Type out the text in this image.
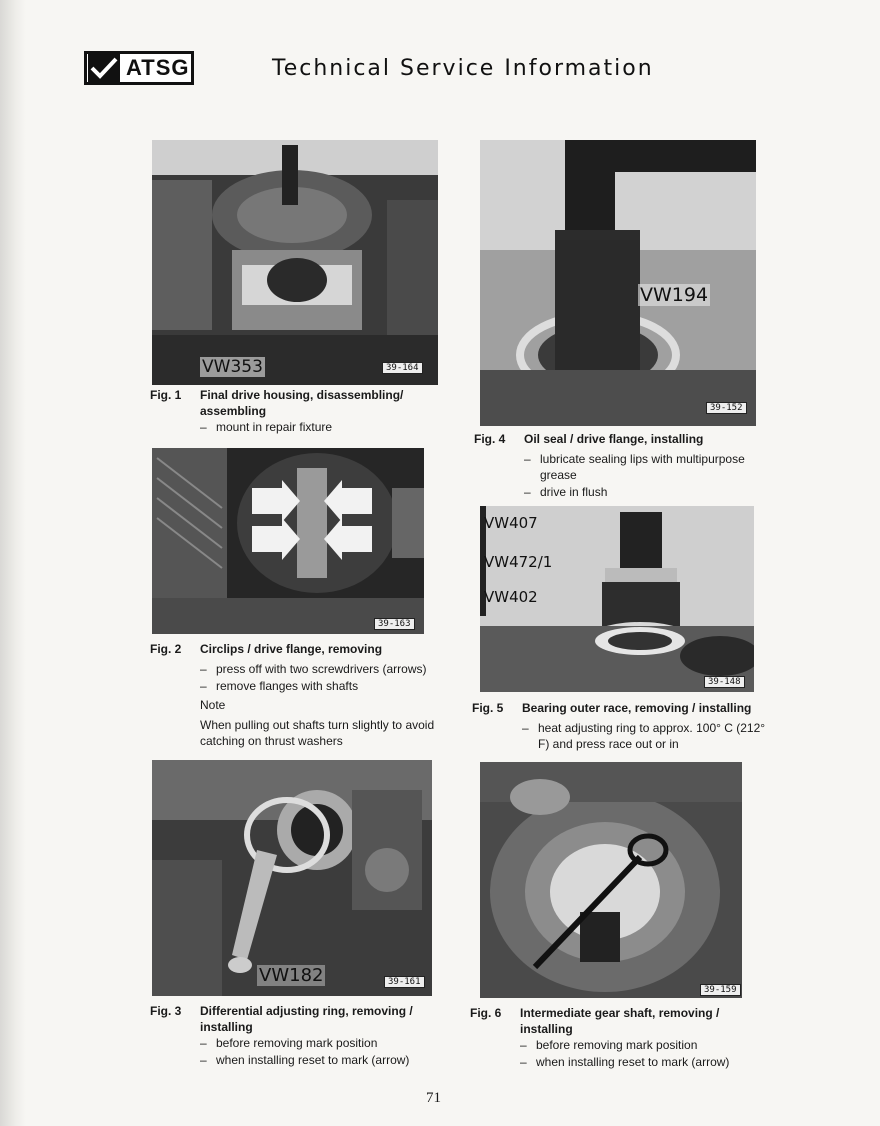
ATSG	Technical Service Information
VW353	39-164
Fig. 1 Final drive housing, disassembling/ assembling
– mount in repair fixture
39-163
Fig. 2 Circlips / drive flange, removing
– press off with two screwdrivers (arrows)
– remove flanges with shafts
Note
When pulling out shafts turn slightly to avoid catching on thrust washers
VW182	39-161
Fig. 3 Differential adjusting ring, removing / installing
– before removing mark position
– when installing reset to mark (arrow)
VW194
39-152
Fig. 4 Oil seal / drive flange, installing
– lubricate sealing lips with multipurpose grease
– drive in flush
VW407
VW472/1
VW402
39-148
Fig. 5 Bearing outer race, removing / installing
– heat adjusting ring to approx. 100° C (212° F) and press race out or in
39-159
Fig. 6 Intermediate gear shaft, removing / installing
– before removing mark position
– when installing reset to mark (arrow)
71
